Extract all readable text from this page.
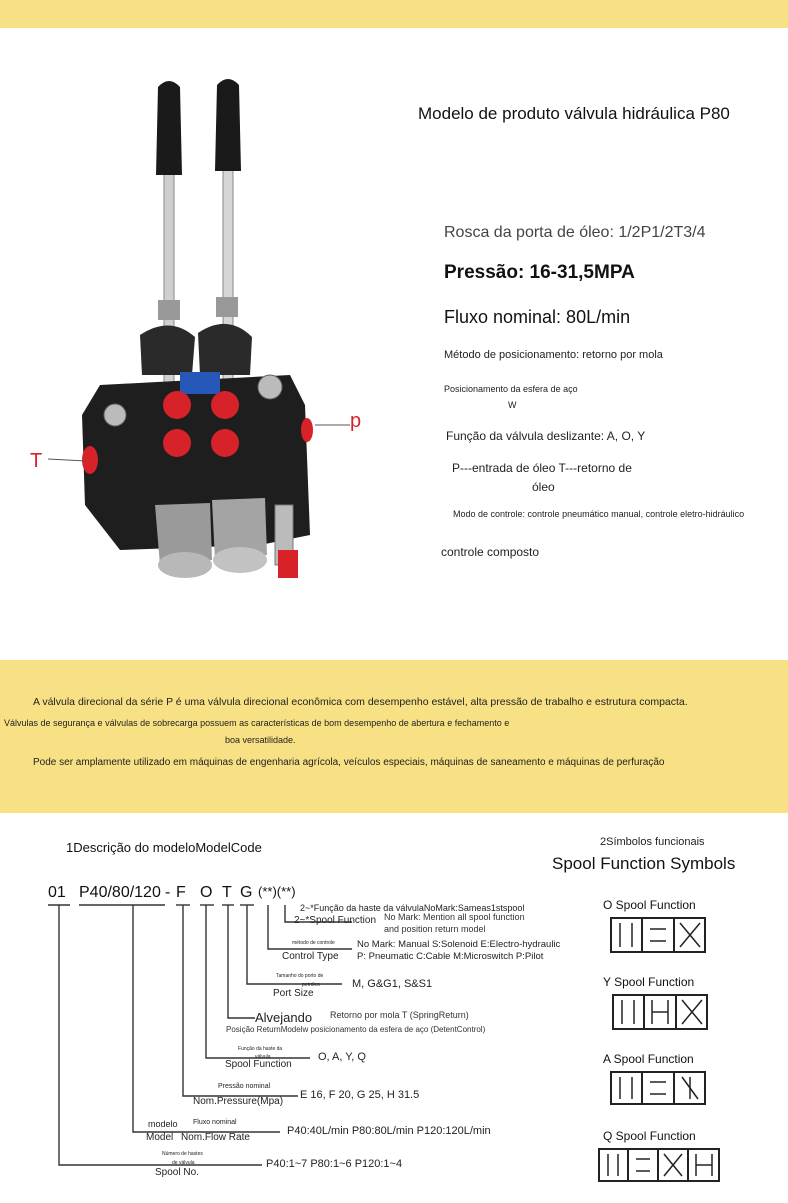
p
T
Modelo de produto válvula hidráulica P80
Rosca da porta de óleo: 1/2P1/2T3/4
Pressão: 16-31,5MPA
Fluxo nominal: 80L/min
Método de posicionamento: retorno por mola
Posicionamento da esfera de aço
W
Função da válvula deslizante: A, O, Y
P---entrada de óleo T---retorno de
óleo
Modo de controle: controle pneumático manual, controle eletro-hidráulico
controle composto
A válvula direcional da série P é uma válvula direcional econômica com desempenho estável, alta pressão de trabalho e estrutura compacta.
Válvulas de segurança e válvulas de sobrecarga possuem as características de bom desempenho de abertura e fechamento e
boa versatilidade.
Pode ser amplamente utilizado em máquinas de engenharia agrícola, veículos especiais, máquinas de saneamento e máquinas de perfuração
1Descrição do modeloModelCode
01 P40/80/120 - F O T G (**)(**)
2~*Função da haste da válvulaNoMark:Sameas1stspool
2~*Spool Function No Mark: Mention all spool function
and position return model
método de controle
Control Type
No Mark: Manual S:Solenoid E:Electro-hydraulic
P: Pneumatic C:Cable M:Microswitch P:Pilot
Tamanho do porto de
petróleo
Port Size
M, G&G1, S&S1
Alvejando Retorno por mola T (SpringReturn)
Posição ReturnModelw posicionamento da esfera de aço (DetentControl)
Função da haste da
válvula
Spool Function
O, A, Y, Q
Pressão nominal
Nom.Pressure(Mpa)
E 16, F 20, G 25, H 31.5
modelo Fluxo nominal
Model Nom.Flow Rate
P40:40L/min P80:80L/min P120:120L/min
Número de hastes
de válvula
Spool No.
P40:1~7 P80:1~6 P120:1~4
2Símbolos funcionais
Spool Function Symbols
O Spool Function
Y Spool Function
A Spool Function
Q Spool Function
